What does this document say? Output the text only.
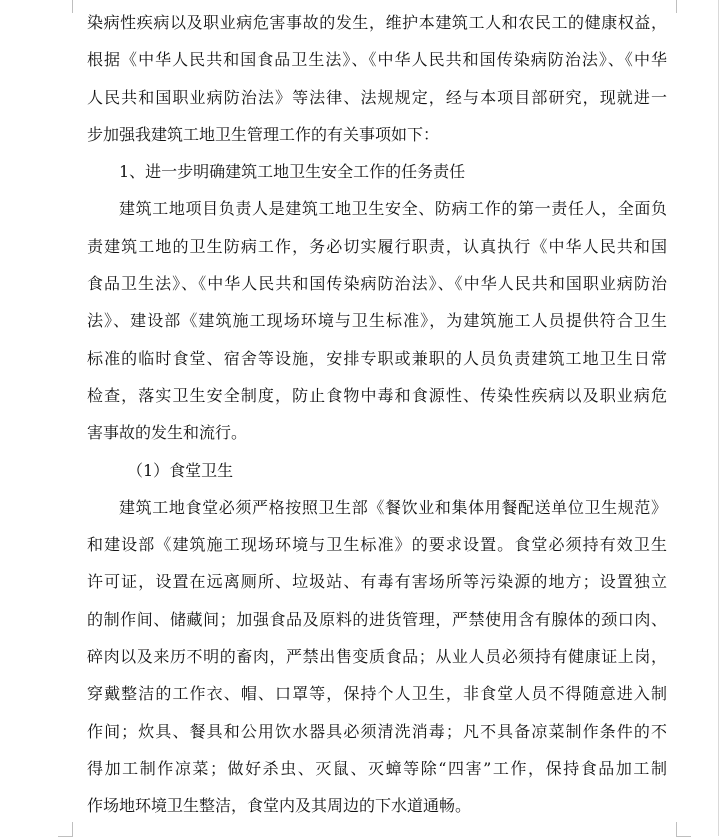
染病性疾病以及职业病危害事故的发生，维护本建筑工人和农民工的健康权益，
根据《中华人民共和国食品卫生法》、《中华人民共和国传染病防治法》、《中华
人民共和国职业病防治法》等法律、法规规定，经与本项目部研究，现就进一
步加强我建筑工地卫生管理工作的有关事项如下：
1、进一步明确建筑工地卫生安全工作的任务责任
建筑工地项目负责人是建筑工地卫生安全、防病工作的第一责任人，全面负
责建筑工地的卫生防病工作，务必切实履行职责，认真执行《中华人民共和国
食品卫生法》、《中华人民共和国传染病防治法》、《中华人民共和国职业病防治
法》、建设部《建筑施工现场环境与卫生标准》，为建筑施工人员提供符合卫生
标准的临时食堂、宿舍等设施，安排专职或兼职的人员负责建筑工地卫生日常
检查，落实卫生安全制度，防止食物中毒和食源性、传染性疾病以及职业病危
害事故的发生和流行。
（1）食堂卫生
建筑工地食堂必须严格按照卫生部《餐饮业和集体用餐配送单位卫生规范》
和建设部《建筑施工现场环境与卫生标准》的要求设置。食堂必须持有效卫生
许可证，设置在远离厕所、垃圾站、有毒有害场所等污染源的地方；设置独立
的制作间、储藏间；加强食品及原料的进货管理，严禁使用含有腺体的颈口肉、
碎肉以及来历不明的畜肉，严禁出售变质食品；从业人员必须持有健康证上岗，
穿戴整洁的工作衣、帽、口罩等，保持个人卫生，非食堂人员不得随意进入制
作间；炊具、餐具和公用饮水器具必须清洗消毒；凡不具备凉菜制作条件的不
得加工制作凉菜；做好杀虫、灭鼠、灭蟑等除“四害”工作，保持食品加工制
作场地环境卫生整洁，食堂内及其周边的下水道通畅。
